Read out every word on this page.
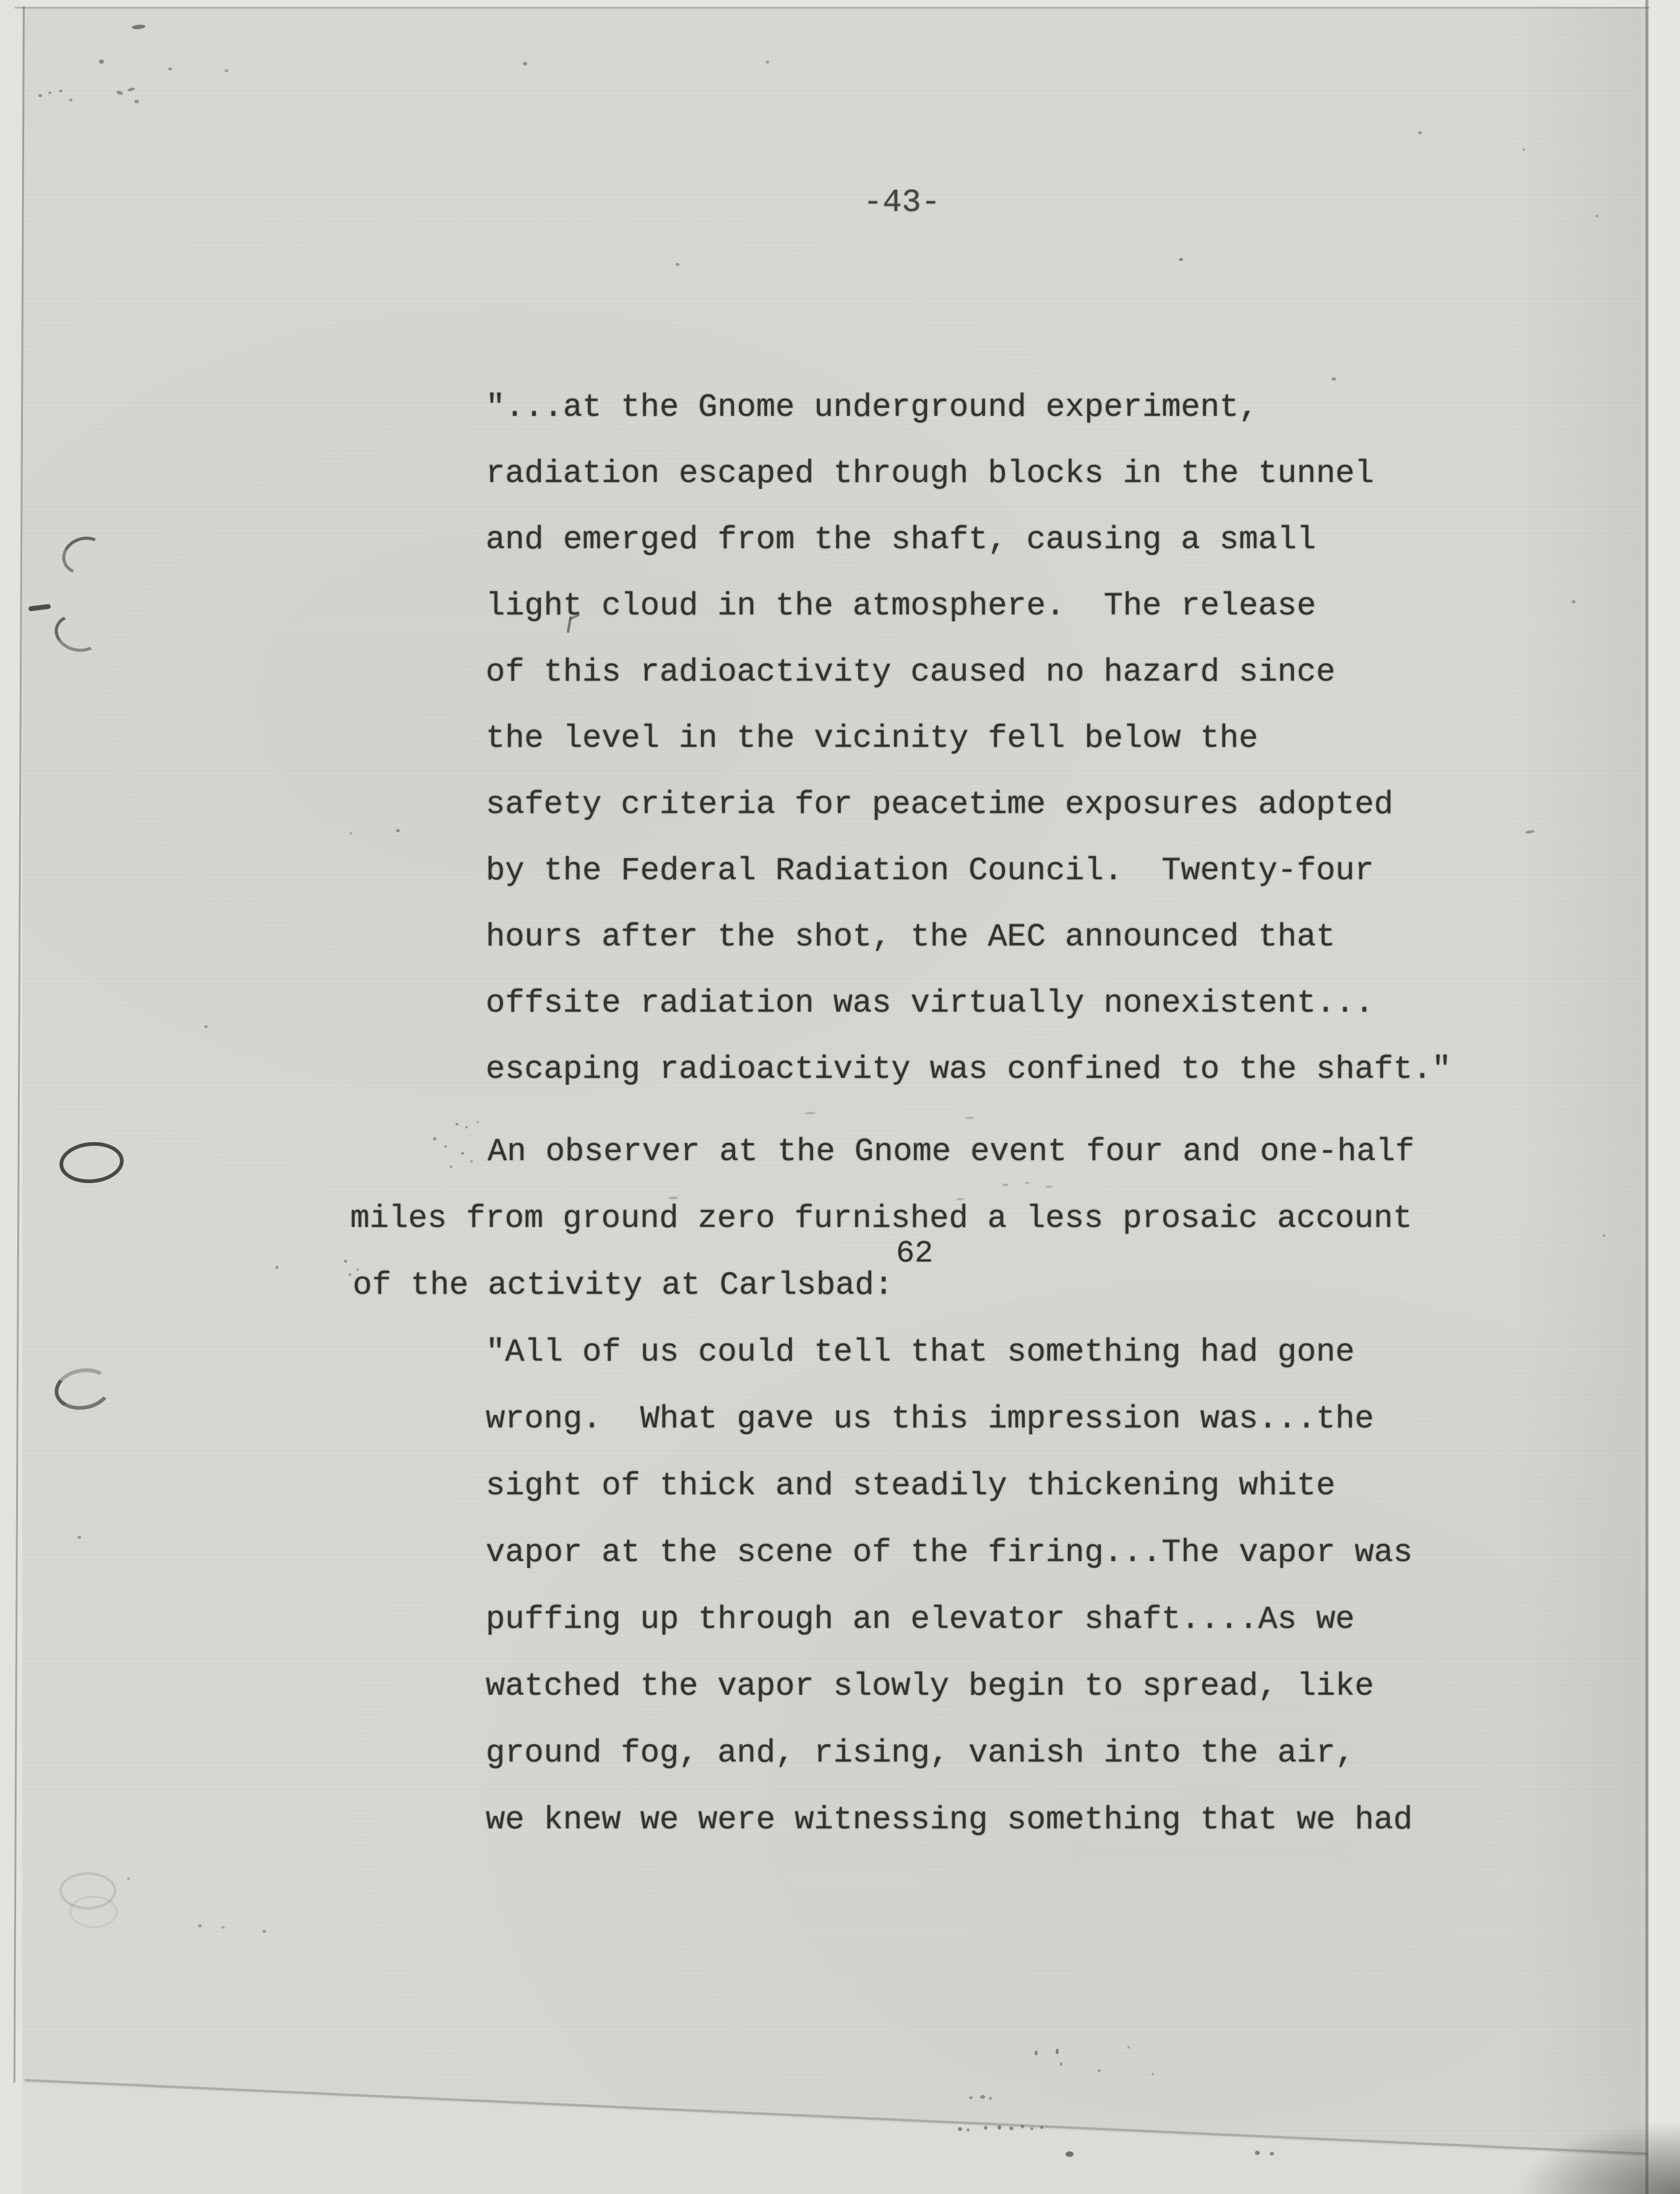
-43-
"...at the Gnome underground experiment,
radiation escaped through blocks in the tunnel
and emerged from the shaft, causing a small
light cloud in the atmosphere.  The release
of this radioactivity caused no hazard since
the level in the vicinity fell below the
safety criteria for peacetime exposures adopted
by the Federal Radiation Council.  Twenty-four
hours after the shot, the AEC announced that
offsite radiation was virtually nonexistent...
escaping radioactivity was confined to the shaft."
An observer at the Gnome event four and one-half
miles from ground zero furnished a less prosaic account
of the activity at Carlsbad:
62
"All of us could tell that something had gone
wrong.  What gave us this impression was...the
sight of thick and steadily thickening white
vapor at the scene of the firing...The vapor was
puffing up through an elevator shaft....As we
watched the vapor slowly begin to spread, like
ground fog, and, rising, vanish into the air,
we knew we were witnessing something that we had
